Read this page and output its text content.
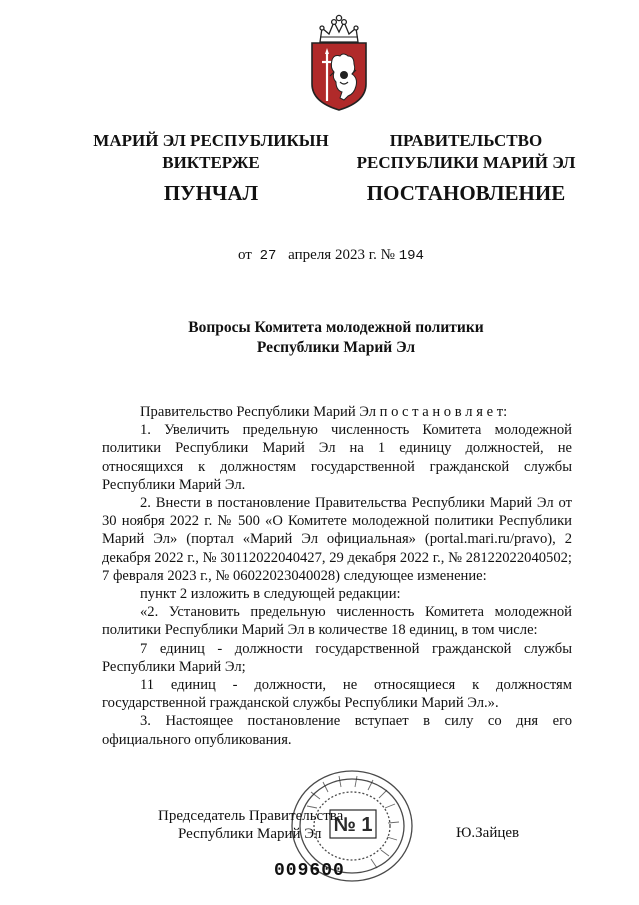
МАРИЙ ЭЛ РЕСПУБЛИКЫН
ВИКТЕРЖЕ
ПУНЧАЛ
ПРАВИТЕЛЬСТВО
РЕСПУБЛИКИ МАРИЙ ЭЛ
ПОСТАНОВЛЕНИЕ
от 27 апреля 2023 г. № 194
Вопросы Комитета молодежной политики
Республики Марий Эл

Правительство Республики Марий Эл п о с т а н о в л я е т:

1. Увеличить предельную численность Комитета молодежной политики Республики Марий Эл на 1 единицу должностей, не относящихся к должностям государственной гражданской службы Республики Марий Эл.

2. Внести в постановление Правительства Республики Марий Эл от 30 ноября 2022 г. № 500 «О Комитете молодежной политики Республики Марий Эл» (портал «Марий Эл официальная» (portal.mari.ru/pravo), 2 декабря 2022 г., № 30112022040427, 29 декабря 2022 г., № 28122022040502; 7 февраля 2023 г., № 06022023040028) следующее изменение:

пункт 2 изложить в следующей редакции:

«2. Установить предельную численность Комитета молодежной политики Республики Марий Эл в количестве 18 единиц, в том числе:

7 единиц - должности государственной гражданской службы Республики Марий Эл;

11 единиц - должности, не относящиеся к должностям государственной гражданской службы Республики Марий Эл.».

3. Настоящее постановление вступает в силу со дня его официального опубликования.

№ 1
Председатель Правительства
Республики Марий Эл	Ю.Зайцев
009600
